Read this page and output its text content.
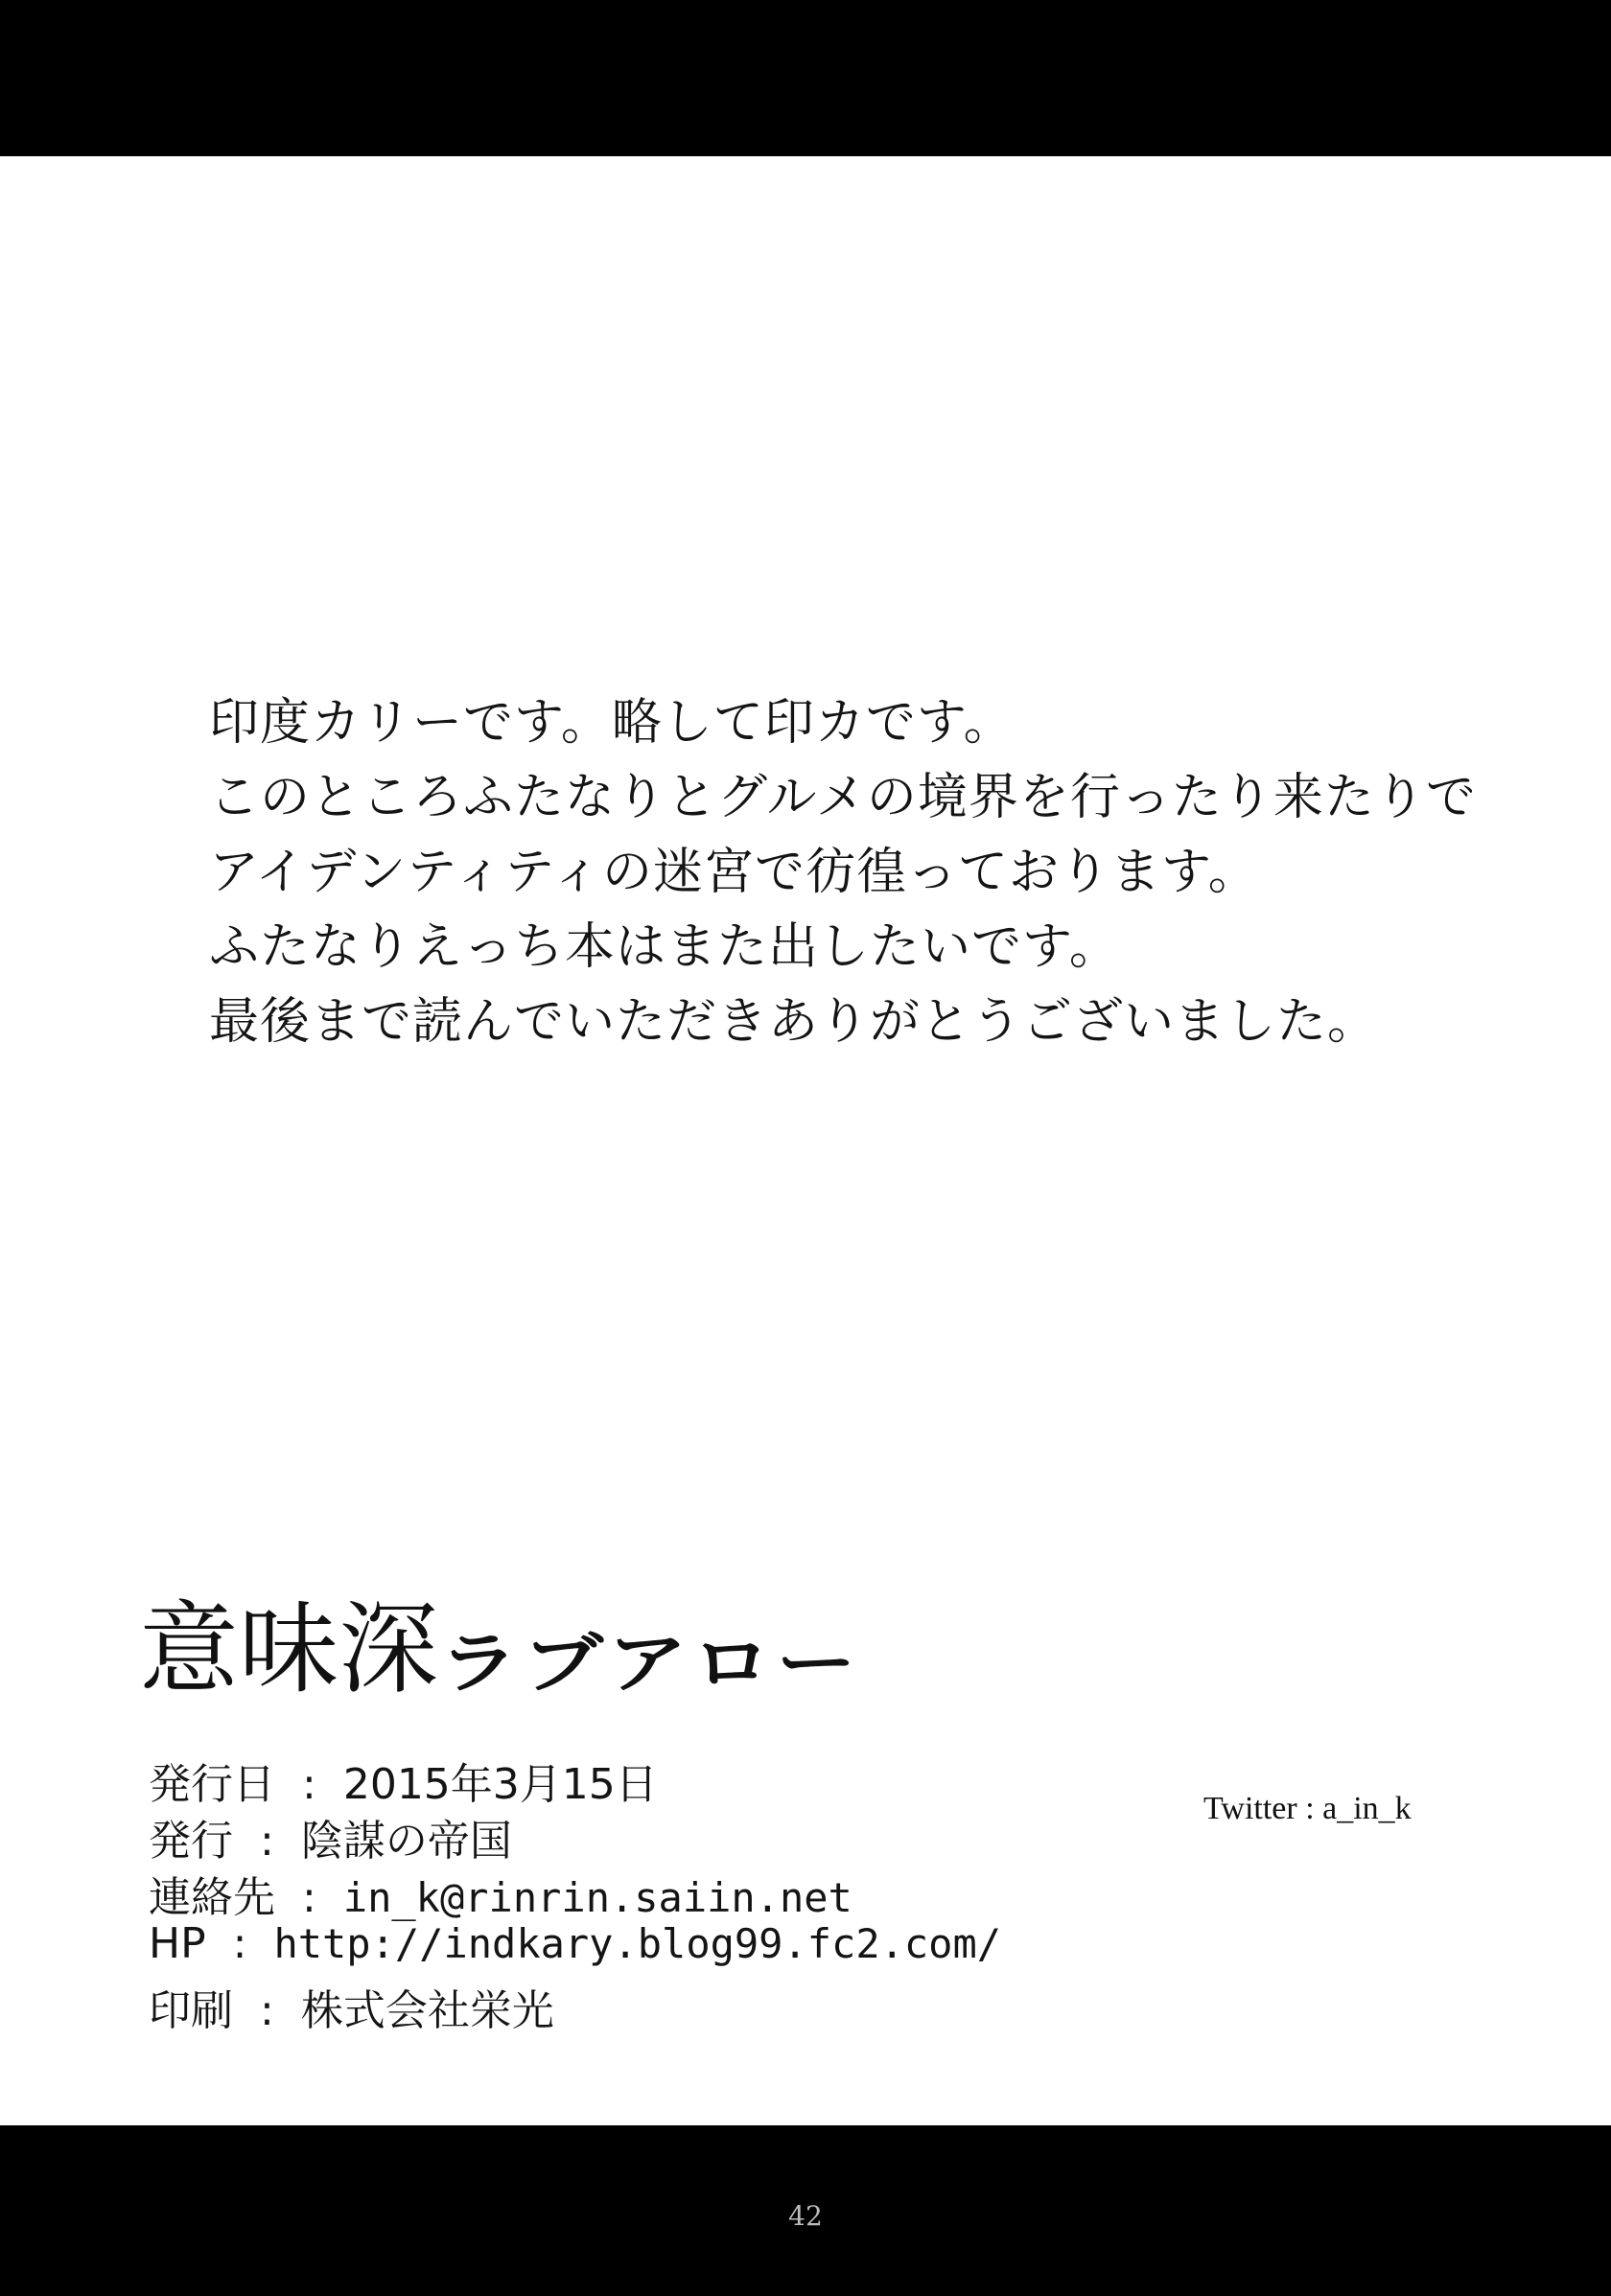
印度カリーです。略して印カです。
このところふたなりとグルメの境界を行ったり来たりで
アイデンティティの迷宮で彷徨っております。
ふたなりえっち本はまた出したいです。
最後まで読んでいただきありがとうございました。
意味深 ラブアロー
発行日 : 2015年3月15日
発行 : 陰謀の帝国
連絡先 : in_k@rinrin.saiin.net
HP : http://indkary.blog99.fc2.com/
印刷 : 株式会社栄光
Twitter : a_in_k
42
